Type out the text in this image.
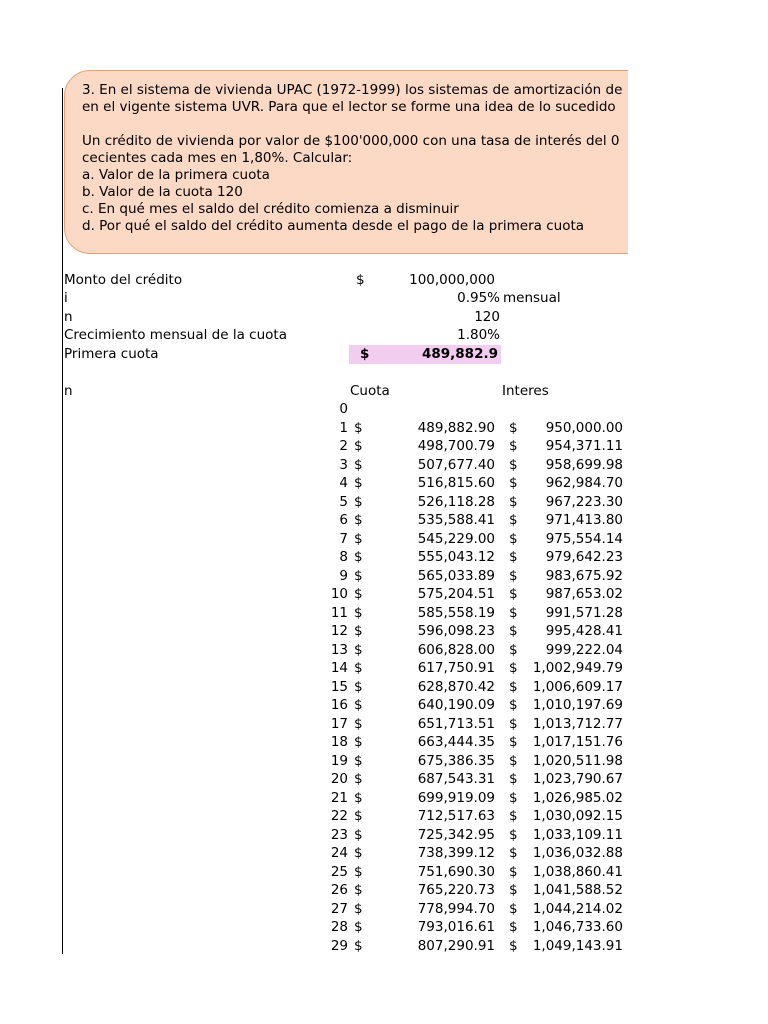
3. En el sistema de vivienda UPAC (1972-1999) los sistemas de amortización de
en el vigente sistema UVR. Para que el lector se forme una idea de lo sucedido
Un crédito de vivienda por valor de $100'000,000 con una tasa de interés del 0
cecientes cada mes en 1,80%. Calcular:
a. Valor de la primera cuota
b. Valor de la cuota 120
c. En qué mes el saldo del crédito comienza a disminuir
d. Por qué el saldo del crédito aumenta desde el pago de la primera cuota
Monto del crédito	$	100,000,000
i	0.95% mensual
n	120
Crecimiento mensual de la cuota	1.80%
Primera cuota	$	489,882.9
n	Cuota	Interes
0
1 $	489,882.90 $	950,000.00
2 $	498,700.79 $	954,371.11
3 $	507,677.40 $	958,699.98
4 $	516,815.60 $	962,984.70
5 $	526,118.28 $	967,223.30
6 $	535,588.41 $	971,413.80
7 $	545,229.00 $	975,554.14
8 $	555,043.12 $	979,642.23
9 $	565,033.89 $	983,675.92
10 $	575,204.51 $	987,653.02
11 $	585,558.19 $	991,571.28
12 $	596,098.23 $	995,428.41
13 $	606,828.00 $	999,222.04
14 $	617,750.91 $	1,002,949.79
15 $	628,870.42 $	1,006,609.17
16 $	640,190.09 $	1,010,197.69
17 $	651,713.51 $	1,013,712.77
18 $	663,444.35 $	1,017,151.76
19 $	675,386.35 $	1,020,511.98
20 $	687,543.31 $	1,023,790.67
21 $	699,919.09 $	1,026,985.02
22 $	712,517.63 $	1,030,092.15
23 $	725,342.95 $	1,033,109.11
24 $	738,399.12 $	1,036,032.88
25 $	751,690.30 $	1,038,860.41
26 $	765,220.73 $	1,041,588.52
27 $	778,994.70 $	1,044,214.02
28 $	793,016.61 $	1,046,733.60
29 $	807,290.91 $	1,049,143.91
